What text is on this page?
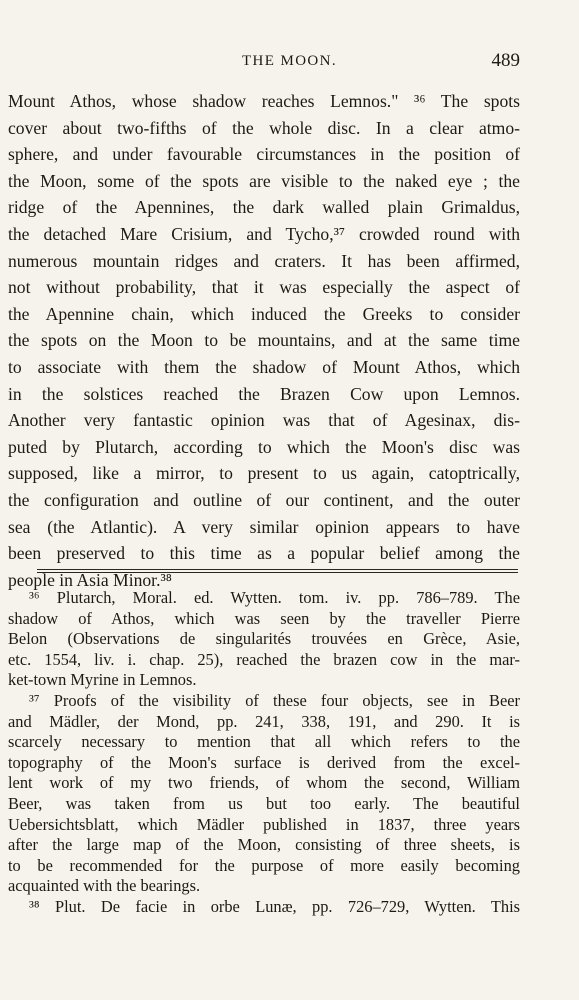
THE MOON.	489
Mount Athos, whose shadow reaches Lemnos." ³⁶ The spots
cover about two-fifths of the whole disc. In a clear atmo-
sphere, and under favourable circumstances in the position of
the Moon, some of the spots are visible to the naked eye ; the
ridge of the Apennines, the dark walled plain Grimaldus,
the detached Mare Crisium, and Tycho,³⁷ crowded round with
numerous mountain ridges and craters. It has been affirmed,
not without probability, that it was especially the aspect of
the Apennine chain, which induced the Greeks to consider
the spots on the Moon to be mountains, and at the same time
to associate with them the shadow of Mount Athos, which
in the solstices reached the Brazen Cow upon Lemnos.
Another very fantastic opinion was that of Agesinax, dis-
puted by Plutarch, according to which the Moon's disc was
supposed, like a mirror, to present to us again, catoptrically,
the configuration and outline of our continent, and the outer
sea (the Atlantic). A very similar opinion appears to have
been preserved to this time as a popular belief among the
people in Asia Minor.³⁸
³⁶ Plutarch, Moral. ed. Wytten. tom. iv. pp. 786–789. The
shadow of Athos, which was seen by the traveller Pierre
Belon (Observations de singularités trouvées en Grèce, Asie,
etc. 1554, liv. i. chap. 25), reached the brazen cow in the mar-
ket-town Myrine in Lemnos.
³⁷ Proofs of the visibility of these four objects, see in Beer
and Mädler, der Mond, pp. 241, 338, 191, and 290. It is
scarcely necessary to mention that all which refers to the
topography of the Moon's surface is derived from the excel-
lent work of my two friends, of whom the second, William
Beer, was taken from us but too early. The beautiful
Uebersichtsblatt, which Mädler published in 1837, three years
after the large map of the Moon, consisting of three sheets, is
to be recommended for the purpose of more easily becoming
acquainted with the bearings.
³⁸ Plut. De facie in orbe Lunæ, pp. 726–729, Wytten. This
